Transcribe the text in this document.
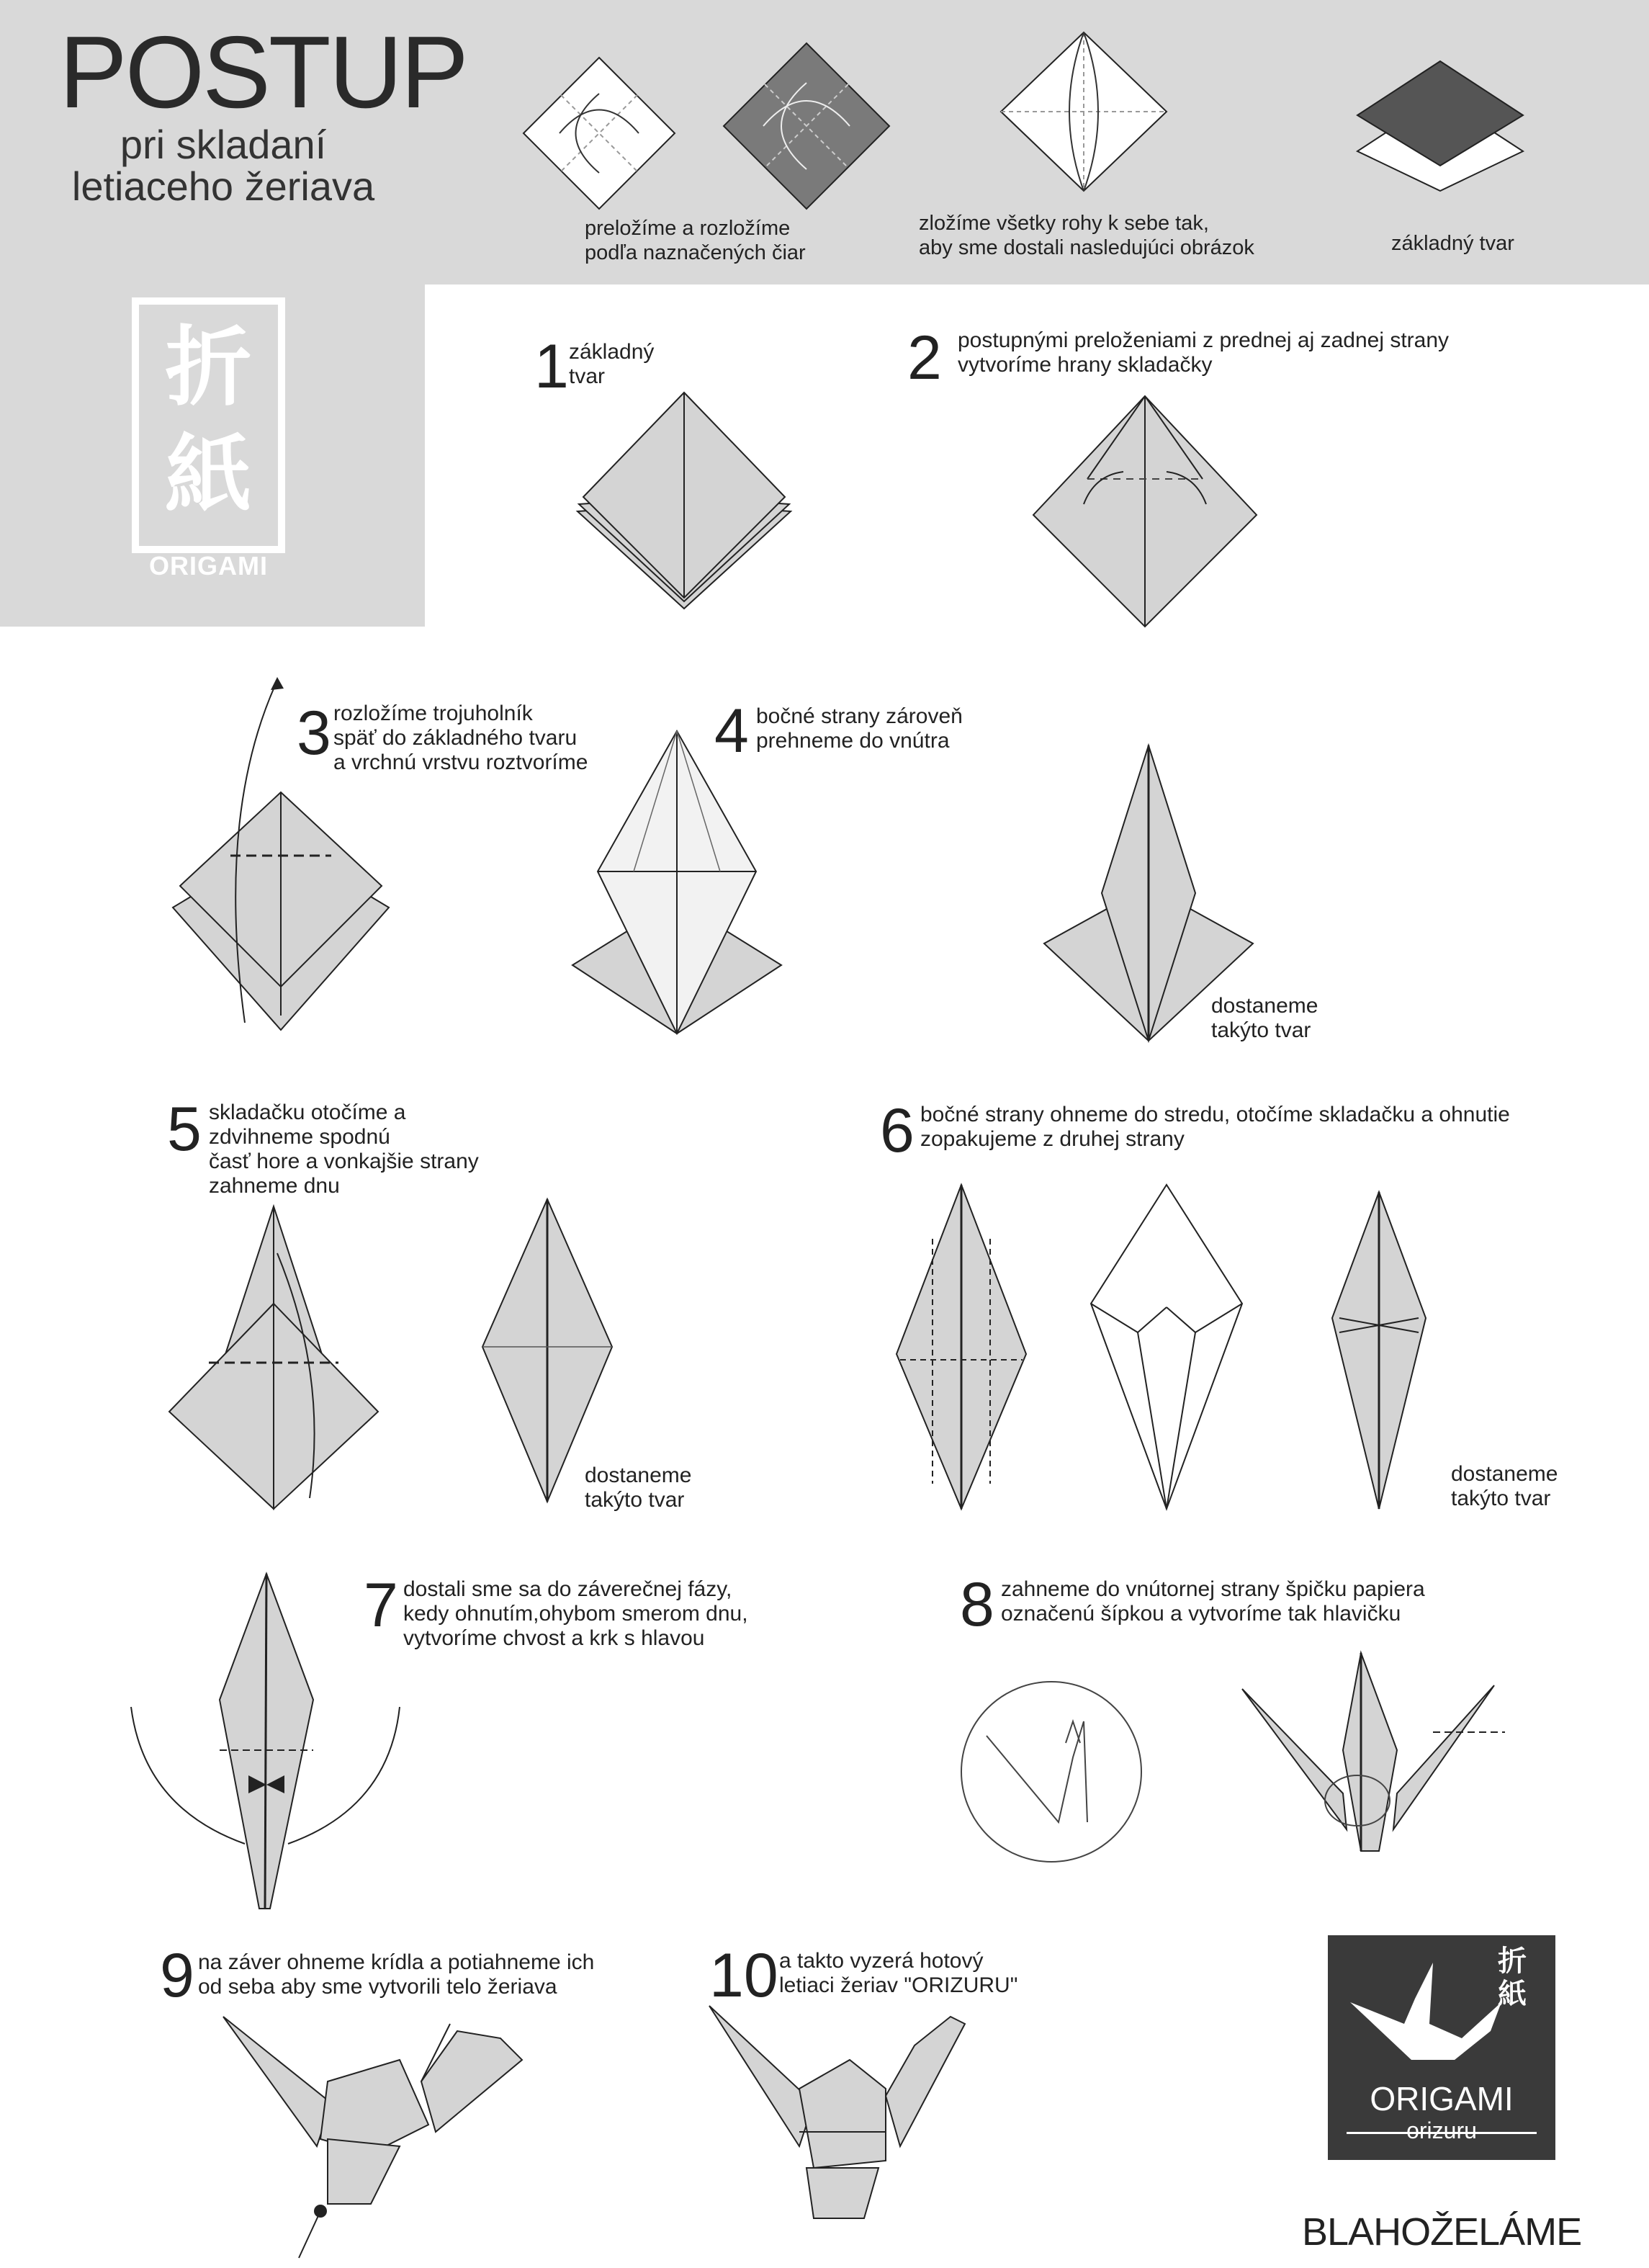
POSTUP
pri skladaní
letiaceho žeriava
preložíme a rozložíme
podľa naznačených čiar
zložíme všetky rohy k sebe tak,
aby sme dostali nasledujúci obrázok	základný tvar
折
紙
ORIGAMI
1 základný
tvar	2 postupnými preloženiami z prednej aj zadnej strany
vytvoríme hrany skladačky
3 rozložíme trojuholník
späť do základného tvaru
a vrchnú vrstvu roztvoríme 4 bočné strany zároveň
prehneme do vnútra
dostaneme
takýto tvar
5 skladačku otočíme a
zdvihneme spodnú
časť hore a vonkajšie strany
zahneme dnu
dostaneme
takýto tvar
6 bočné strany ohneme do stredu, otočíme skladačku a ohnutie
zopakujeme z druhej strany
dostaneme
takýto tvar
7 dostali sme sa do záverečnej fázy,
kedy ohnutím,ohybom smerom dnu,
vytvoríme chvost a krk s hlavou	8 zahneme do vnútornej strany špičku papiera
označenú šípkou a vytvoríme tak hlavičku
9 na záver ohneme krídla a potiahneme ich
od seba aby sme vytvorili telo žeriava	10 a takto vyzerá hotový
letiaci žeriav "ORIZURU"
折
紙
ORIGAMI
orizuru
BLAHOŽELÁME
